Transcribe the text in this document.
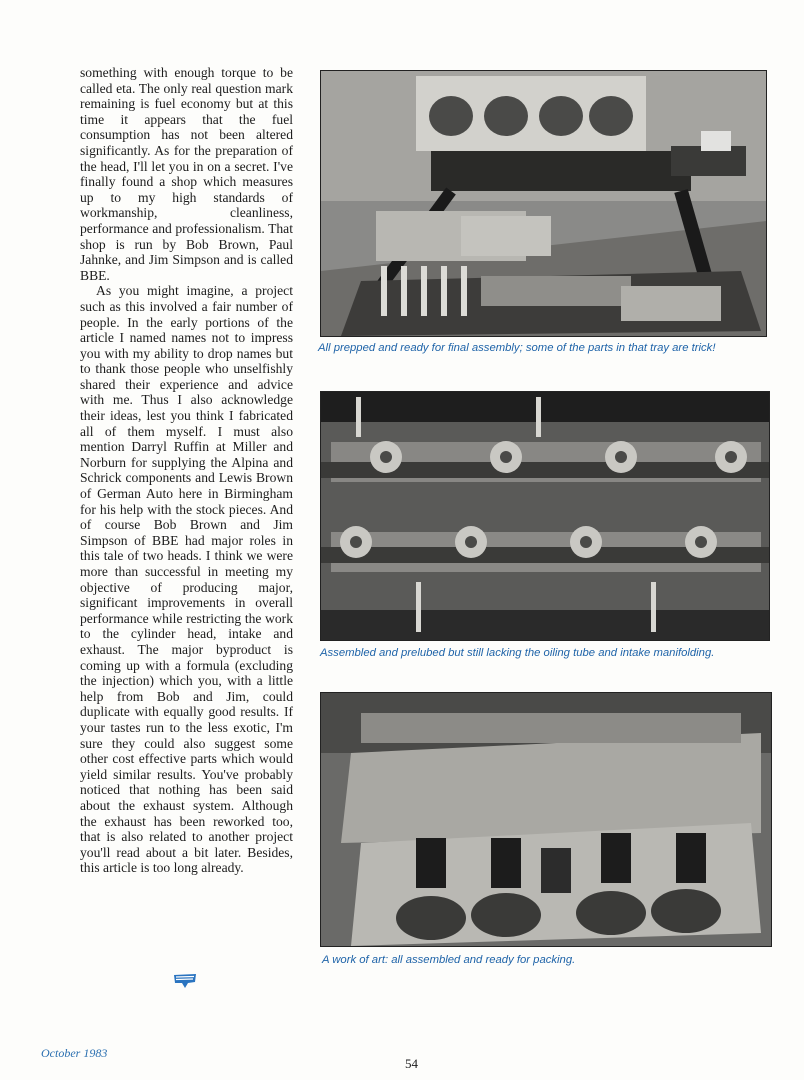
something with enough torque to be called eta. The only real question mark remaining is fuel economy but at this time it appears that the fuel consumption has not been altered significantly. As for the preparation of the head, I'll let you in on a secret. I've finally found a shop which measures up to my high standards of workmanship, cleanliness, performance and professionalism. That shop is run by Bob Brown, Paul Jahnke, and Jim Simpson and is called BBE.

As you might imagine, a project such as this involved a fair number of people. In the early portions of the article I named names not to impress you with my ability to drop names but to thank those people who unselfishly shared their experience and advice with me. Thus I also acknowledge their ideas, lest you think I fabricated all of them myself. I must also mention Darryl Ruffin at Miller and Norburn for supplying the Alpina and Schrick components and Lewis Brown of German Auto here in Birmingham for his help with the stock pieces. And of course Bob Brown and Jim Simpson of BBE had major roles in this tale of two heads. I think we were more than successful in meeting my objective of producing major, significant improvements in overall performance while restricting the work to the cylinder head, intake and exhaust. The major byproduct is coming up with a formula (excluding the injection) which you, with a little help from Bob and Jim, could duplicate with equally good results. If your tastes run to the less exotic, I'm sure they could also suggest some other cost effective parts which would yield similar results. You've probably noticed that nothing has been said about the exhaust system. Although the exhaust has been reworked too, that is also related to another project you'll read about a bit later. Besides, this article is too long already.

All prepped and ready for final assembly; some of the parts in that tray are trick!
Assembled and prelubed but still lacking the oiling tube and intake manifolding.
A work of art: all assembled and ready for packing.
October 1983
54
